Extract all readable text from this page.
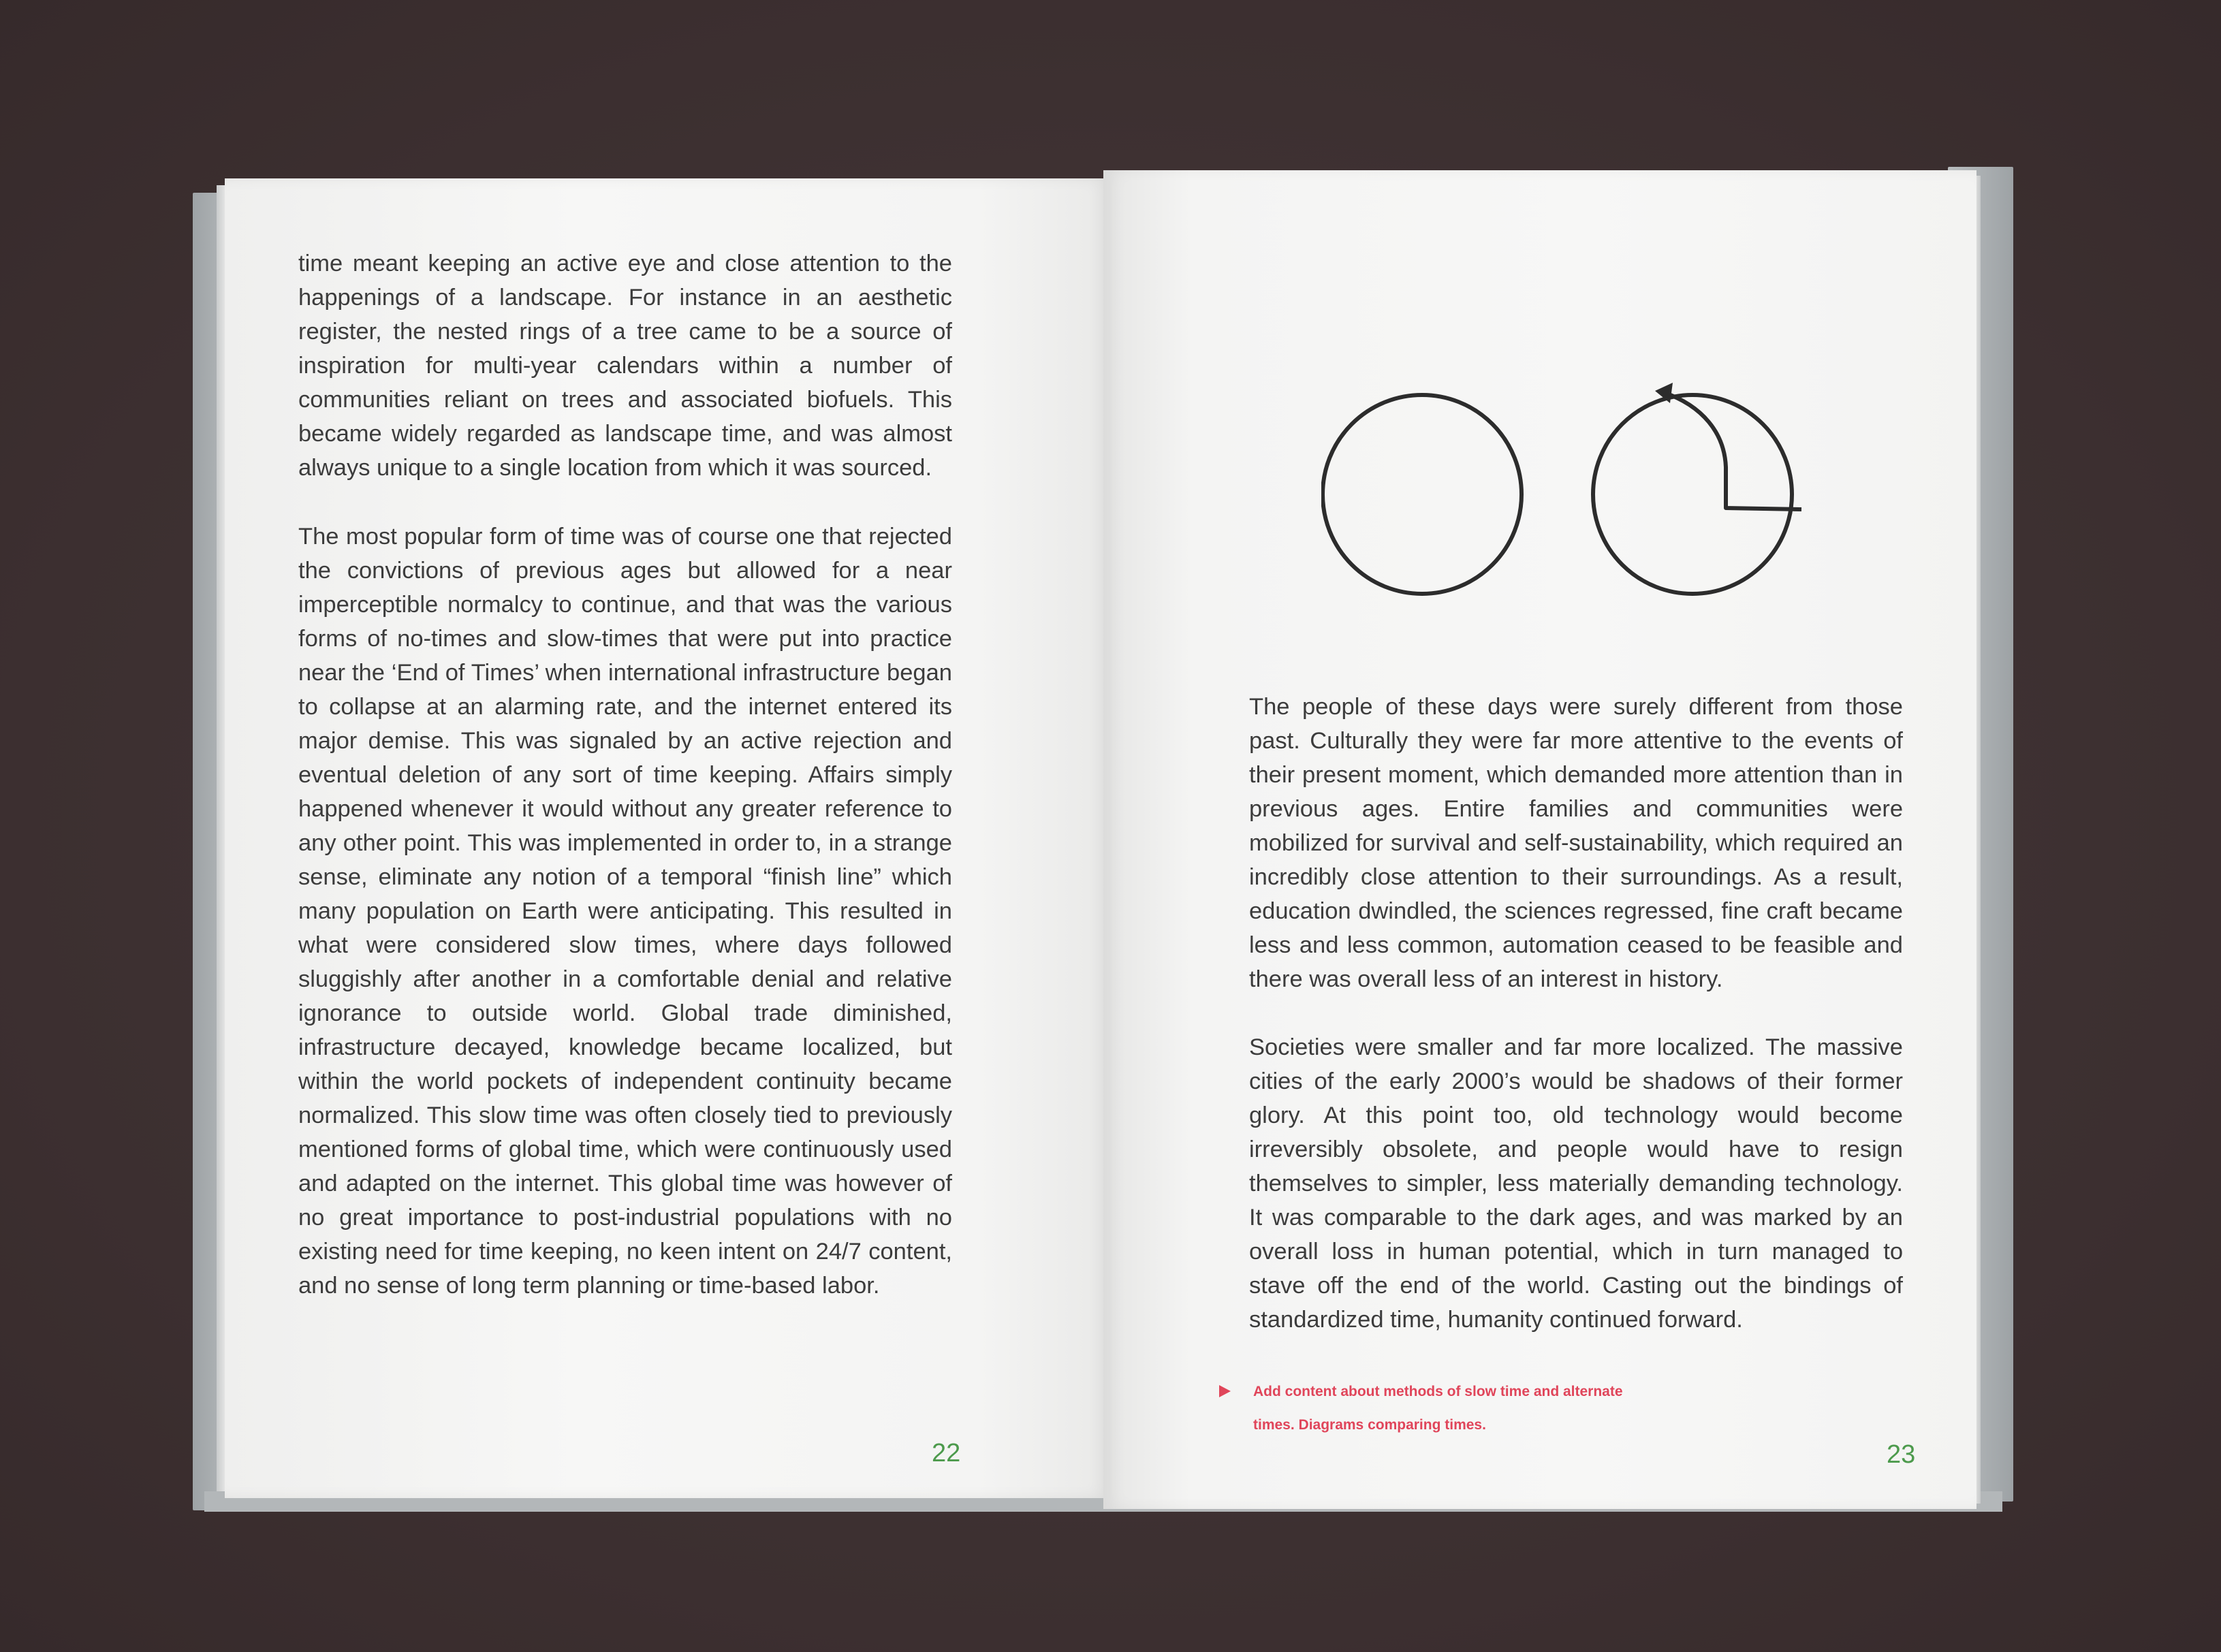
time meant keeping an active eye and close attention to the happenings of a landscape. For instance in an aesthetic register, the nested rings of a tree came to be a source of inspiration for multi-year calendars within a number of communities reliant on trees and associated biofuels. This became widely regarded as landscape time, and was almost always unique to a single location from which it was sourced.

The most popular form of time was of course one that rejected the convictions of previous ages but allowed for a near imperceptible normalcy to continue, and that was the various forms of no-times and slow-times that were put into practice near the ‘End of Times’ when international infrastructure began to collapse at an alarming rate, and the internet entered its major demise. This was signaled by an active rejection and eventual deletion of any sort of time keeping. Affairs simply happened whenever it would without any greater reference to any other point. This was implemented in order to, in a strange sense, eliminate any notion of a temporal “finish line” which many population on Earth were anticipating. This resulted in what were considered slow times, where days followed sluggishly after another in a comfortable denial and relative ignorance to outside world. Global trade diminished, infrastructure decayed, knowledge became localized, but within the world pockets of independent continuity became normalized. This slow time was often closely tied to previously mentioned forms of global time, which were continuously used and adapted on the internet. This global time was however of no great importance to post-industrial populations with no existing need for time keeping, no keen intent on 24/7 content, and no sense of long term planning or time-based labor.

22

The people of these days were surely different from those past. Culturally they were far more attentive to the events of their present moment, which demanded more attention than in previous ages. Entire families and communities were mobilized for survival and self-sustainability, which required an incredibly close attention to their surroundings. As a result, education dwindled, the sciences regressed, fine craft became less and less common, automation ceased to be feasible and there was overall less of an interest in history.

Societies were smaller and far more localized. The massive cities of the early 2000’s would be shadows of their former glory. At this point too, old technology would become irreversibly obsolete, and people would have to resign themselves to simpler, less materially demanding technology. It was comparable to the dark ages, and was marked by an overall loss in human potential, which in turn managed to stave off the end of the world. Casting out the bindings of standardized time, humanity continued forward.

Add content about methods of slow time and alternate
times. Diagrams comparing times.
23
